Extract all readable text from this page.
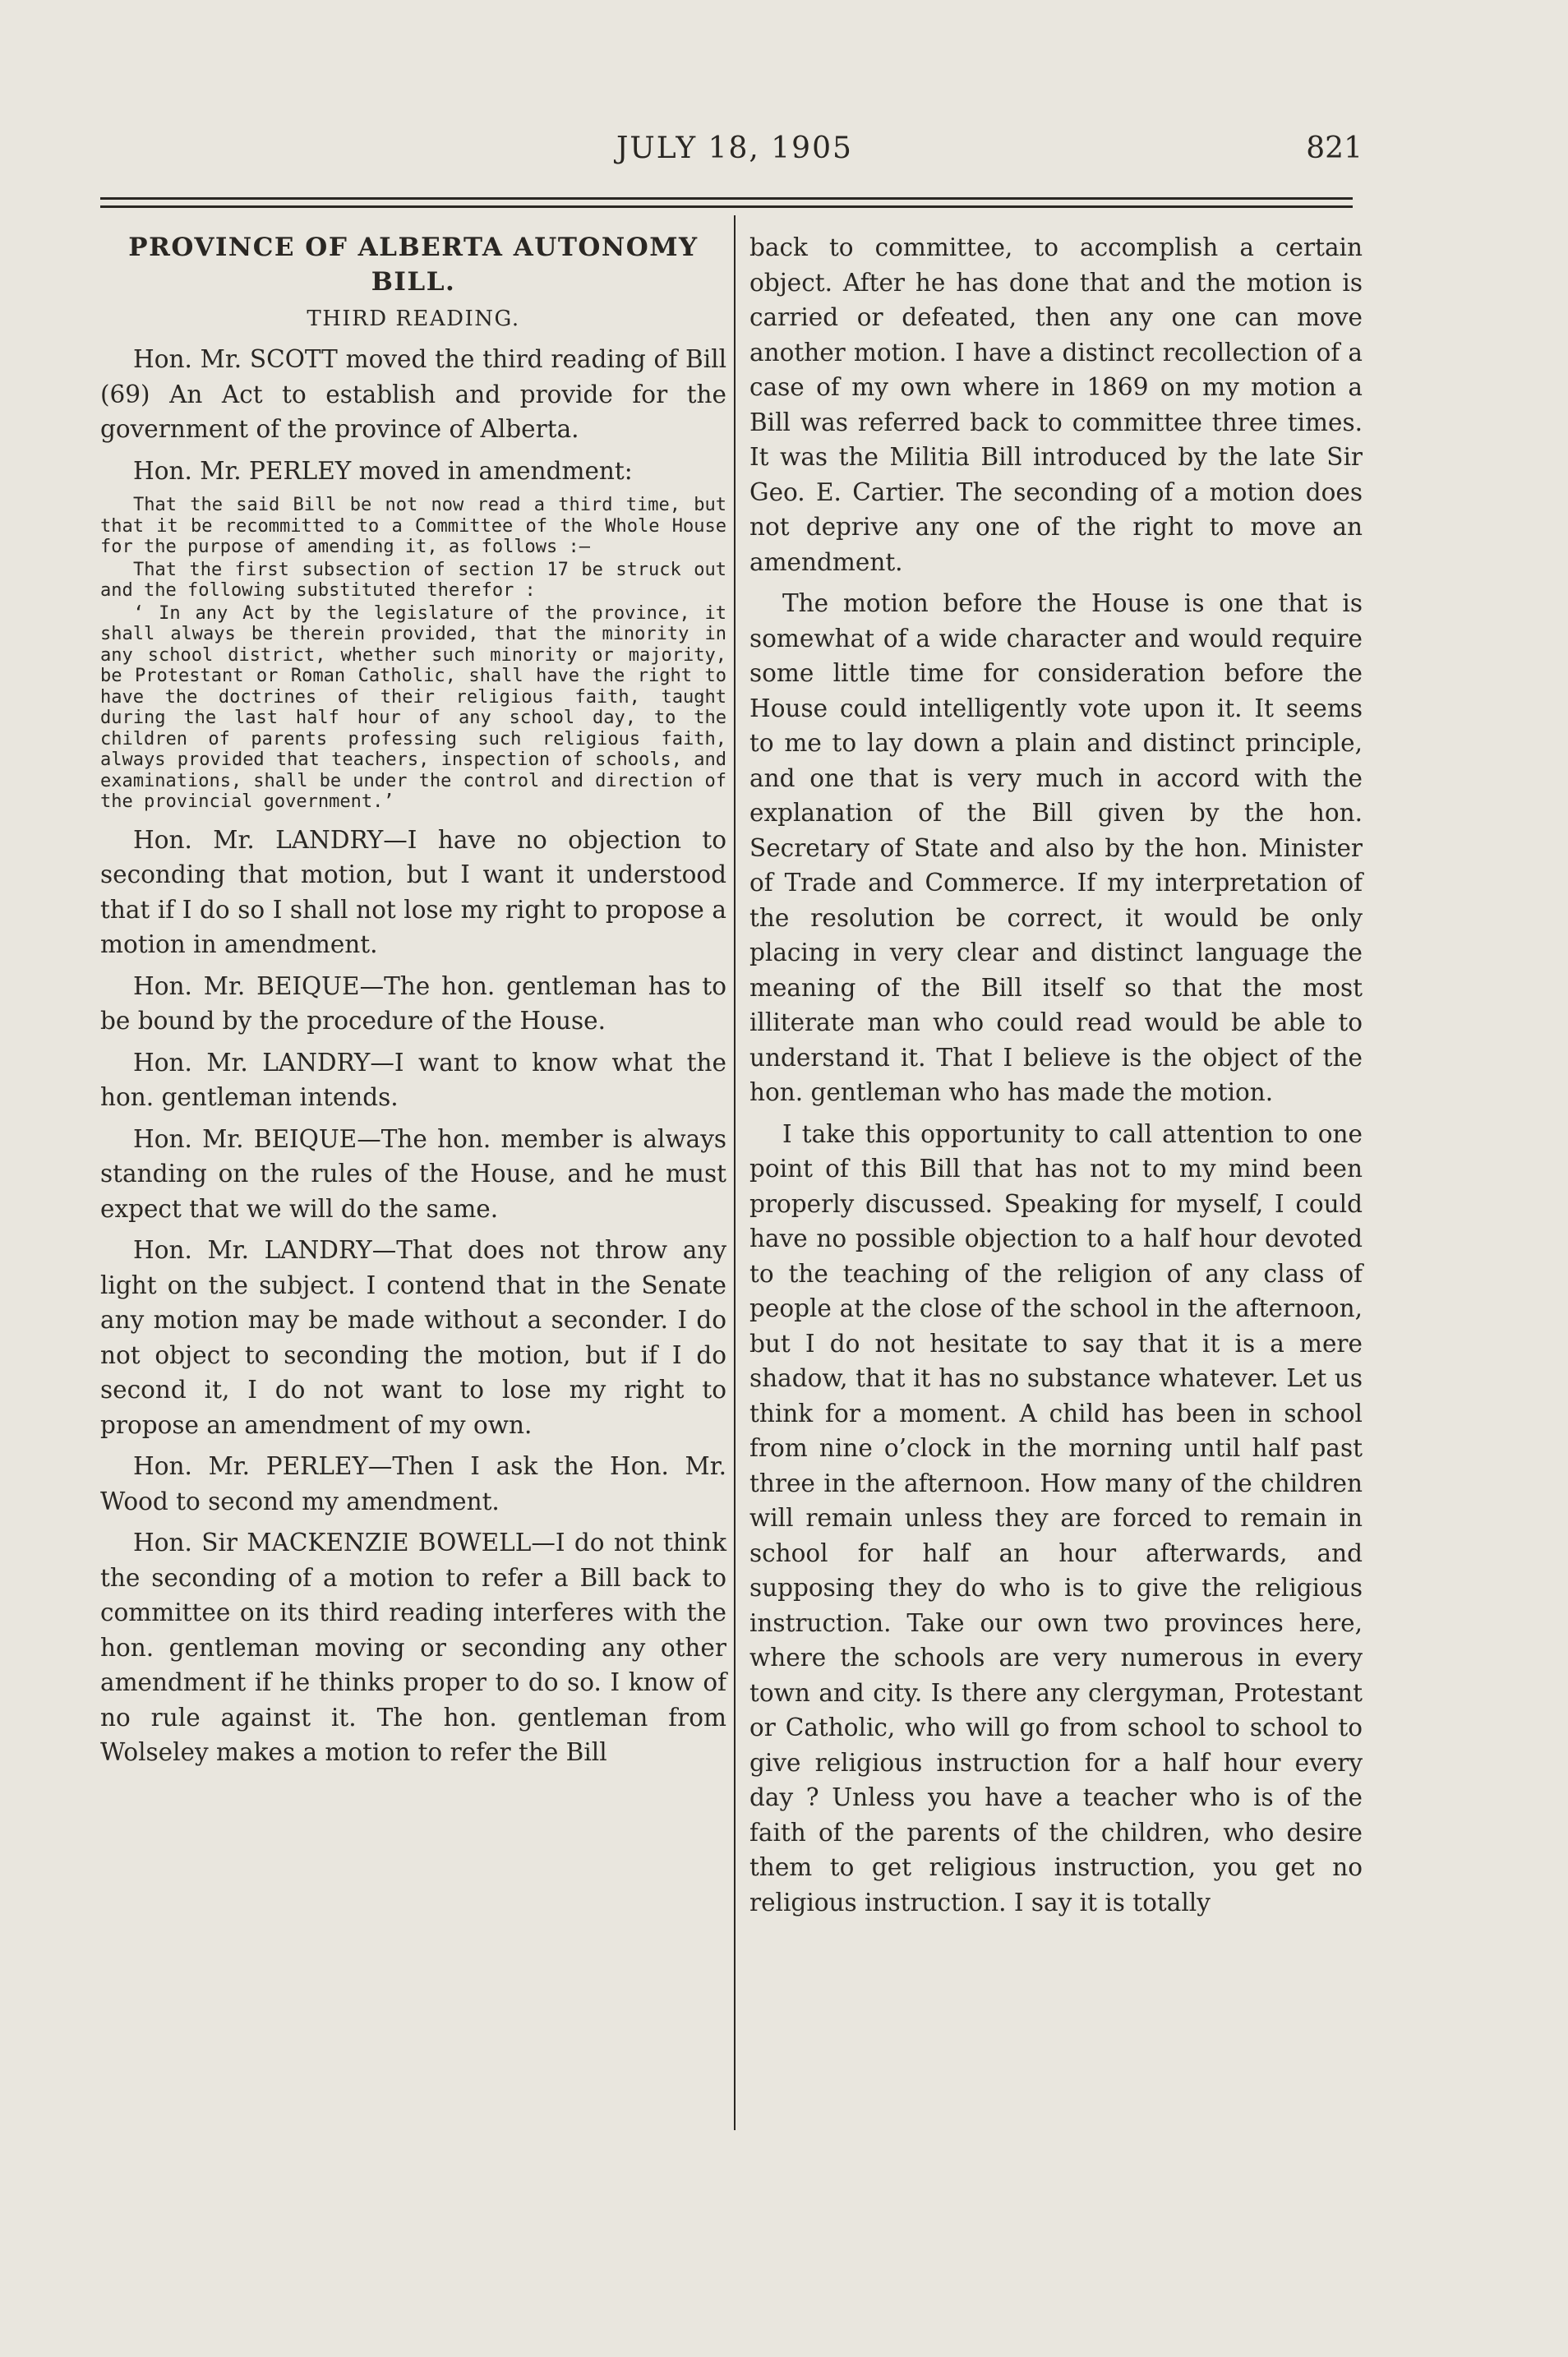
JULY 18, 1905	821

PROVINCE OF ALBERTA AUTONOMY BILL.

THIRD READING.

Hon. Mr. SCOTT moved the third reading of Bill (69) An Act to establish and provide for the government of the province of Alberta.

Hon. Mr. PERLEY moved in amendment:

That the said Bill be not now read a third time, but that it be recommitted to a Committee of the Whole House for the purpose of amending it, as follows :—

That the first subsection of section 17 be struck out and the following substituted therefor :

‘ In any Act by the legislature of the province, it shall always be therein provided, that the minority in any school district, whether such minority or majority, be Protestant or Roman Catholic, shall have the right to have the doctrines of their religious faith, taught during the last half hour of any school day, to the children of parents professing such religious faith, always provided that teachers, inspection of schools, and examinations, shall be under the control and direction of the provincial government.’

Hon. Mr. LANDRY—I have no objection to seconding that motion, but I want it understood that if I do so I shall not lose my right to propose a motion in amendment.

Hon. Mr. BEIQUE—The hon. gentleman has to be bound by the procedure of the House.

Hon. Mr. LANDRY—I want to know what the hon. gentleman intends.

Hon. Mr. BEIQUE—The hon. member is always standing on the rules of the House, and he must expect that we will do the same.

Hon. Mr. LANDRY—That does not throw any light on the subject. I contend that in the Senate any motion may be made without a seconder. I do not object to seconding the motion, but if I do second it, I do not want to lose my right to propose an amendment of my own.

Hon. Mr. PERLEY—Then I ask the Hon. Mr. Wood to second my amendment.

Hon. Sir MACKENZIE BOWELL—I do not think the seconding of a motion to refer a Bill back to committee on its third reading interferes with the hon. gentleman moving or seconding any other amendment if he thinks proper to do so. I know of no rule against it. The hon. gentleman from Wolseley makes a motion to refer the Bill

back to committee, to accomplish a certain object. After he has done that and the motion is carried or defeated, then any one can move another motion. I have a distinct recollection of a case of my own where in 1869 on my motion a Bill was referred back to committee three times. It was the Militia Bill introduced by the late Sir Geo. E. Cartier. The seconding of a motion does not deprive any one of the right to move an amendment.

The motion before the House is one that is somewhat of a wide character and would require some little time for consideration before the House could intelligently vote upon it. It seems to me to lay down a plain and distinct principle, and one that is very much in accord with the explanation of the Bill given by the hon. Secretary of State and also by the hon. Minister of Trade and Commerce. If my interpretation of the resolution be correct, it would be only placing in very clear and distinct language the meaning of the Bill itself so that the most illiterate man who could read would be able to understand it. That I believe is the object of the hon. gentleman who has made the motion.

I take this opportunity to call attention to one point of this Bill that has not to my mind been properly discussed. Speaking for myself, I could have no possible objection to a half hour devoted to the teaching of the religion of any class of people at the close of the school in the afternoon, but I do not hesitate to say that it is a mere shadow, that it has no substance whatever. Let us think for a moment. A child has been in school from nine o’clock in the morning until half past three in the afternoon. How many of the children will remain unless they are forced to remain in school for half an hour afterwards, and supposing they do who is to give the religious instruction. Take our own two provinces here, where the schools are very numerous in every town and city. Is there any clergyman, Protestant or Catholic, who will go from school to school to give religious instruction for a half hour every day ? Unless you have a teacher who is of the faith of the parents of the children, who desire them to get religious instruction, you get no religious instruction. I say it is totally
